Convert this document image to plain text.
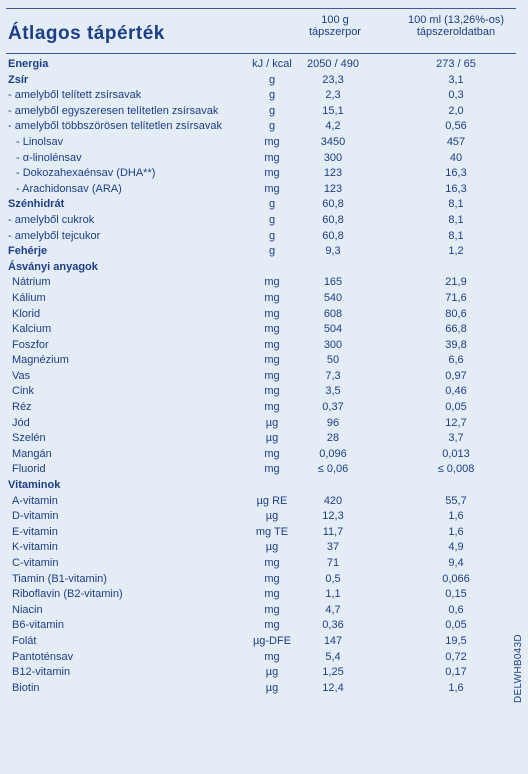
Átlagos tápérték
100 g
tápszerpor
100 ml (13,26%-os)
tápszeroldatban
Energia	kJ / kcal	2050 / 490	273 / 65
Zsír	g	23,3	3,1
- amelyből telített zsírsavak	g	2,3	0,3
- amelyből egyszeresen telítetlen zsírsavak	g	15,1	2,0
- amelyből többszörösen telítetlen zsírsavak	g	4,2	0,56
- Linolsav	mg	3450	457
- α-linolénsav	mg	300	40
- Dokozahexaénsav (DHA**)	mg	123	16,3
- Arachidonsav (ARA)	mg	123	16,3
Szénhidrát	g	60,8	8,1
- amelyből cukrok	g	60,8	8,1
- amelyből tejcukor	g	60,8	8,1
Fehérje	g	9,3	1,2
Ásványi anyagok
Nátrium	mg	165	21,9
Kálium	mg	540	71,6
Klorid	mg	608	80,6
Kalcium	mg	504	66,8
Foszfor	mg	300	39,8
Magnézium	mg	50	6,6
Vas	mg	7,3	0,97
Cink	mg	3,5	0,46
Réz	mg	0,37	0,05
Jód	µg	96	12,7
Szelén	µg	28	3,7
Mangán	mg	0,096	0,013
Fluorid	mg	≤ 0,06	≤ 0,008
Vitaminok
A-vitamin	µg RE	420	55,7
D-vitamin	µg	12,3	1,6
E-vitamin	mg TE	11,7	1,6
K-vitamin	µg	37	4,9
C-vitamin	mg	71	9,4
Tiamin (B1-vitamin)	mg	0,5	0,066
Riboflavin (B2-vitamin)	mg	1,1	0,15
Niacin	mg	4,7	0,6
B6-vitamin	mg	0,36	0,05
Folát	µg-DFE	147	19,5
Pantoténsav	mg	5,4	0,72
B12-vitamin	µg	1,25	0,17
Biotin	µg	12,4	1,6	DELWHB043D
